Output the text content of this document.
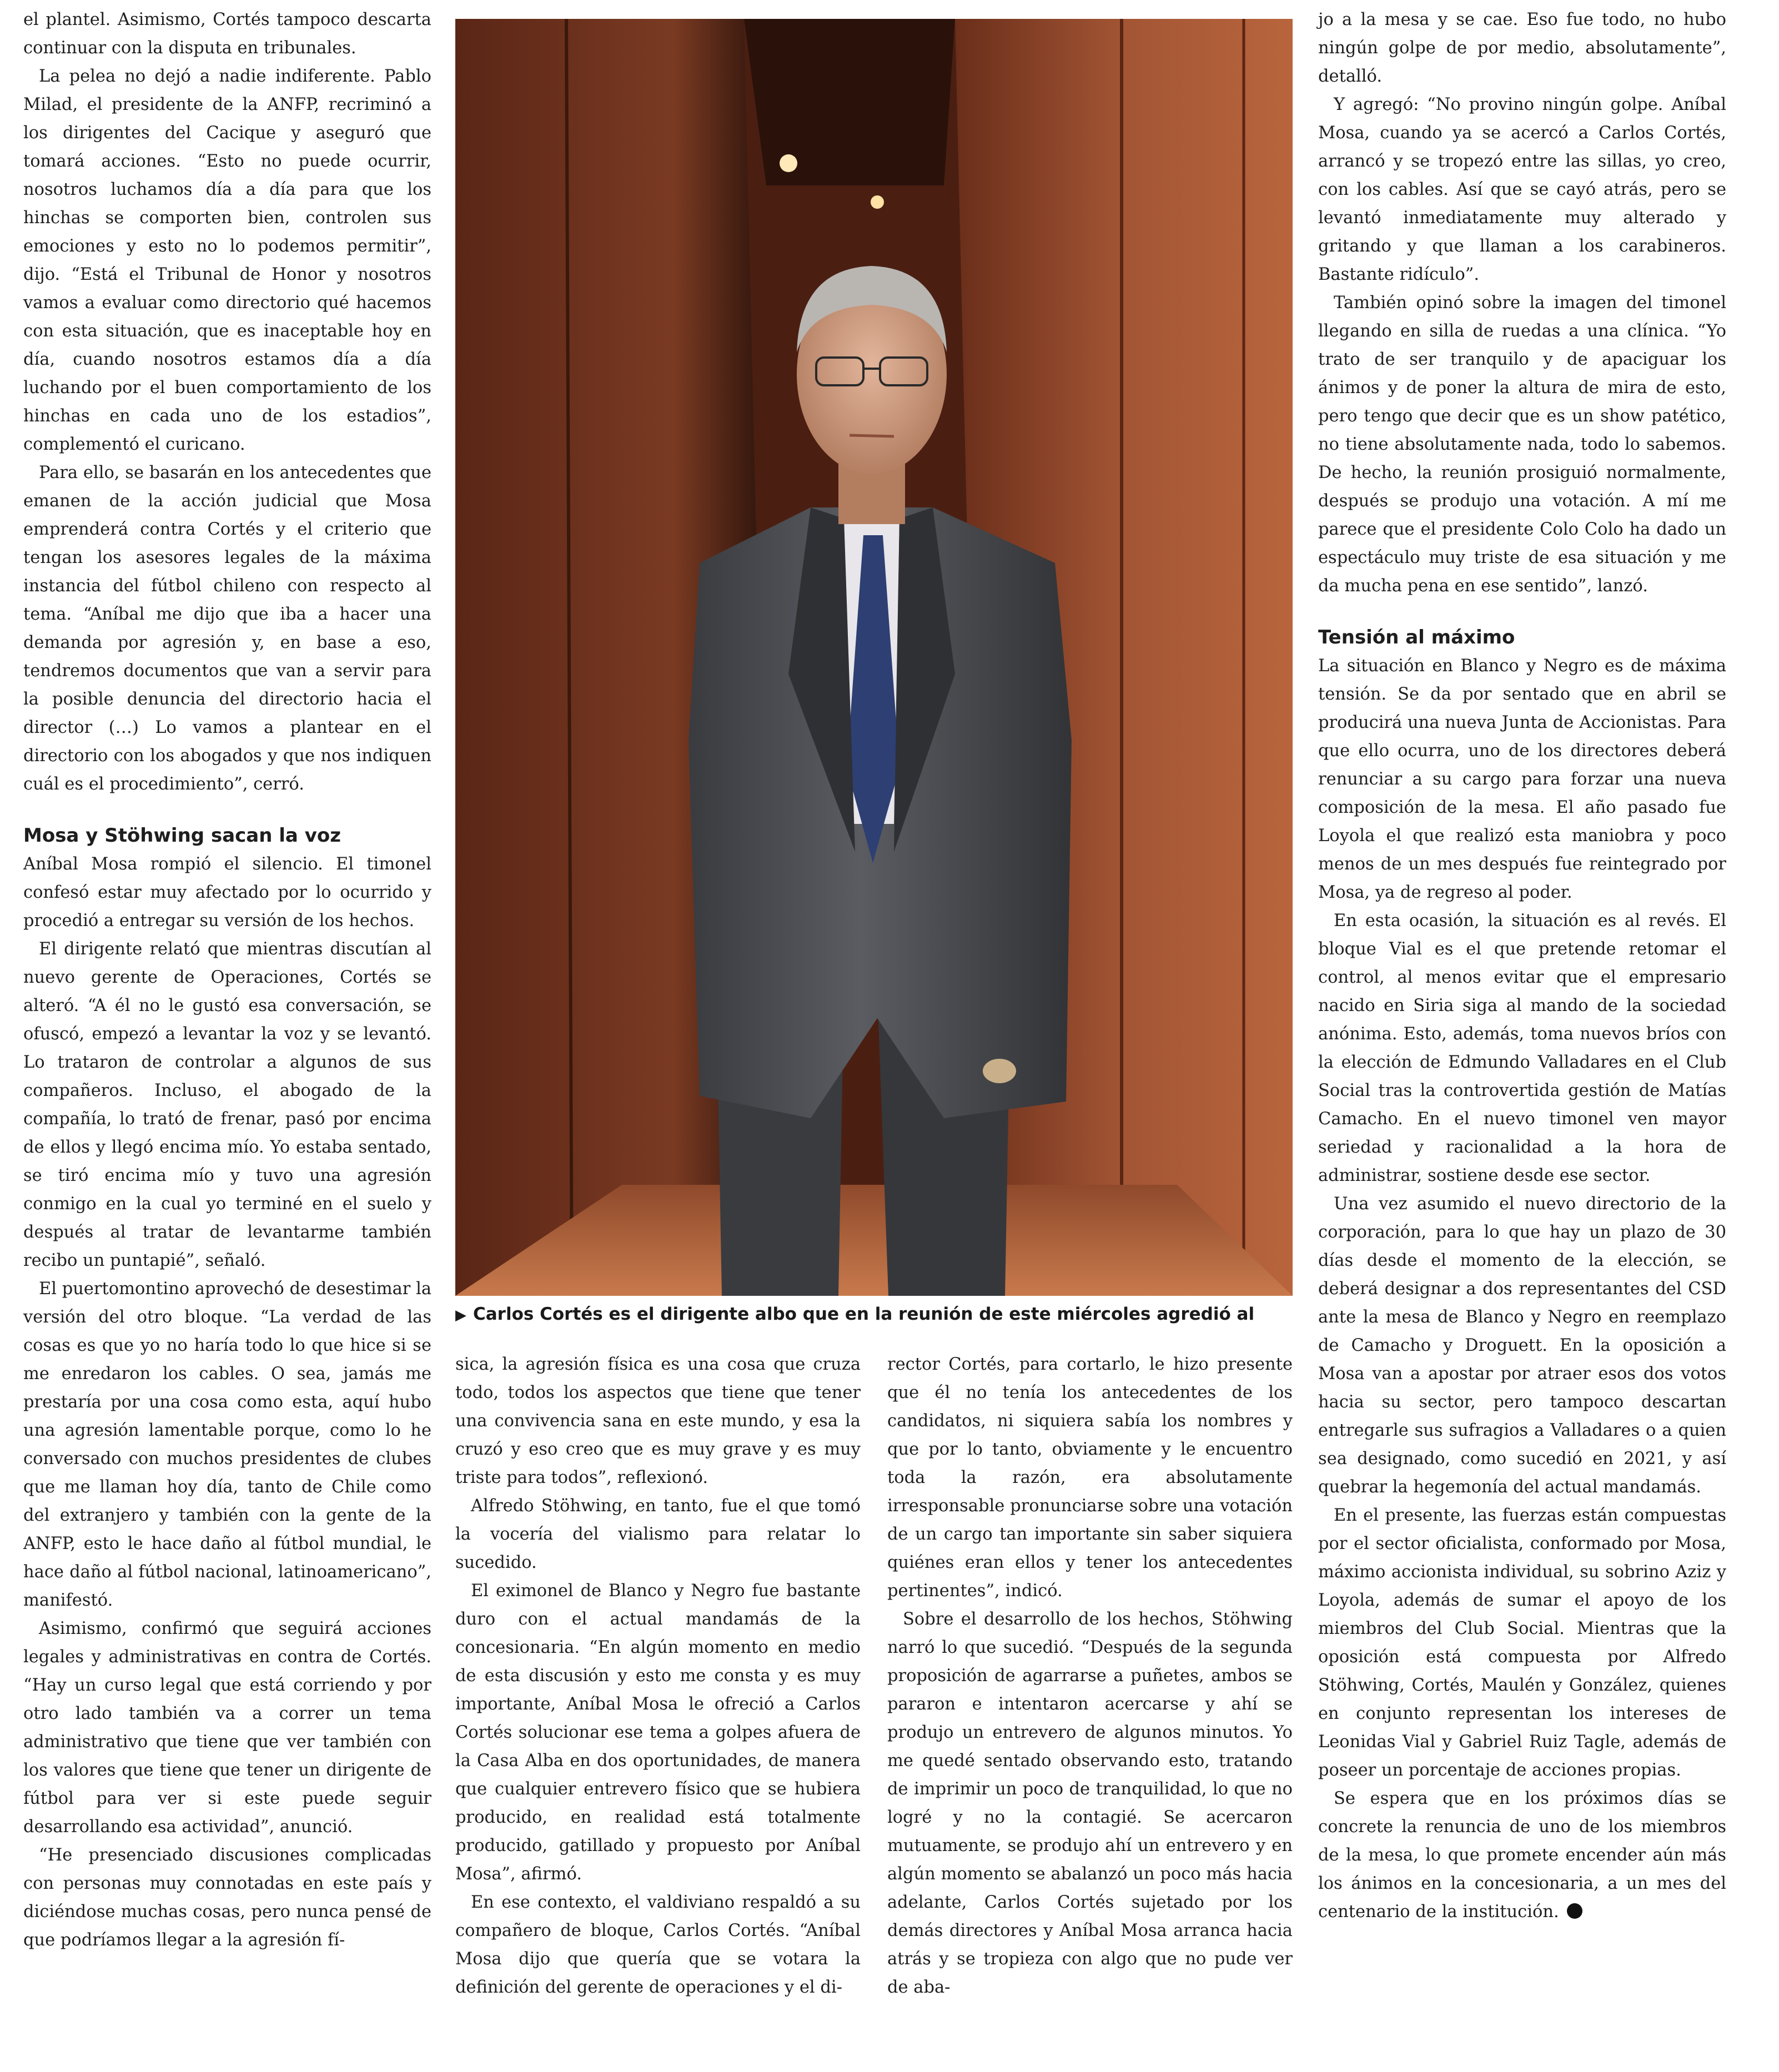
el plantel. Asimismo, Cortés tampoco descarta continuar con la disputa en tribunales.

La pelea no dejó a nadie indiferente. Pablo Milad, el presidente de la ANFP, recriminó a los dirigentes del Cacique y aseguró que tomará acciones. “Esto no puede ocurrir, nosotros luchamos día a día para que los hinchas se comporten bien, controlen sus emociones y esto no lo podemos permitir”, dijo. “Está el Tribunal de Honor y nosotros vamos a evaluar como directorio qué hacemos con esta situación, que es inaceptable hoy en día, cuando nosotros estamos día a día luchando por el buen comportamiento de los hinchas en cada uno de los estadios”, complementó el curicano.

Para ello, se basarán en los antecedentes que emanen de la acción judicial que Mosa emprenderá contra Cortés y el criterio que tengan los asesores legales de la máxima instancia del fútbol chileno con respecto al tema. “Aníbal me dijo que iba a hacer una demanda por agresión y, en base a eso, tendremos documentos que van a servir para la posible denuncia del directorio hacia el director (…) Lo vamos a plantear en el directorio con los abogados y que nos indiquen cuál es el procedimiento”, cerró.

Mosa y Stöhwing sacan la voz

Aníbal Mosa rompió el silencio. El timonel confesó estar muy afectado por lo ocurrido y procedió a entregar su versión de los hechos.

El dirigente relató que mientras discutían al nuevo gerente de Operaciones, Cortés se alteró. “A él no le gustó esa conversación, se ofuscó, empezó a levantar la voz y se levantó. Lo trataron de controlar a algunos de sus compañeros. Incluso, el abogado de la compañía, lo trató de frenar, pasó por encima de ellos y llegó encima mío. Yo estaba sentado, se tiró encima mío y tuvo una agresión conmigo en la cual yo terminé en el suelo y después al tratar de levantarme también recibo un puntapié”, señaló.

El puertomontino aprovechó de desestimar la versión del otro bloque. “La verdad de las cosas es que yo no haría todo lo que hice si se me enredaron los cables. O sea, jamás me prestaría por una cosa como esta, aquí hubo una agresión lamentable porque, como lo he conversado con muchos presidentes de clubes que me llaman hoy día, tanto de Chile como del extranjero y también con la gente de la ANFP, esto le hace daño al fútbol mundial, le hace daño al fútbol nacional, latinoamericano”, manifestó.

Asimismo, confirmó que seguirá acciones legales y administrativas en contra de Cortés. “Hay un curso legal que está corriendo y por otro lado también va a correr un tema administrativo que tiene que ver también con los valores que tiene que tener un dirigente de fútbol para ver si este puede seguir desarrollando esa actividad”, anunció.

“He presenciado discusiones complicadas con personas muy connotadas en este país y diciéndose muchas cosas, pero nunca pensé de que podríamos llegar a la agresión fí-

▶ Carlos Cortés es el dirigente albo que en la reunión de este miércoles agredió al

sica, la agresión física es una cosa que cruza todo, todos los aspectos que tiene que tener una convivencia sana en este mundo, y esa la cruzó y eso creo que es muy grave y es muy triste para todos”, reflexionó.

Alfredo Stöhwing, en tanto, fue el que tomó la vocería del vialismo para relatar lo sucedido.

El eximonel de Blanco y Negro fue bastante duro con el actual mandamás de la concesionaria. “En algún momento en medio de esta discusión y esto me consta y es muy importante, Aníbal Mosa le ofreció a Carlos Cortés solucionar ese tema a golpes afuera de la Casa Alba en dos oportunidades, de manera que cualquier entrevero físico que se hubiera producido, en realidad está totalmente producido, gatillado y propuesto por Aníbal Mosa”, afirmó.

En ese contexto, el valdiviano respaldó a su compañero de bloque, Carlos Cortés. “Aníbal Mosa dijo que quería que se votara la definición del gerente de operaciones y el di-

rector Cortés, para cortarlo, le hizo presente que él no tenía los antecedentes de los candidatos, ni siquiera sabía los nombres y que por lo tanto, obviamente y le encuentro toda la razón, era absolutamente irresponsable pronunciarse sobre una votación de un cargo tan importante sin saber siquiera quiénes eran ellos y tener los antecedentes pertinentes”, indicó.

Sobre el desarrollo de los hechos, Stöhwing narró lo que sucedió. “Después de la segunda proposición de agarrarse a puñetes, ambos se pararon e intentaron acercarse y ahí se produjo un entrevero de algunos minutos. Yo me quedé sentado observando esto, tratando de imprimir un poco de tranquilidad, lo que no logré y no la contagié. Se acercaron mutuamente, se produjo ahí un entrevero y en algún momento se abalanzó un poco más hacia adelante, Carlos Cortés sujetado por los demás directores y Aníbal Mosa arranca hacia atrás y se tropieza con algo que no pude ver de aba-

jo a la mesa y se cae. Eso fue todo, no hubo ningún golpe de por medio, absolutamente”, detalló.

Y agregó: “No provino ningún golpe. Aníbal Mosa, cuando ya se acercó a Carlos Cortés, arrancó y se tropezó entre las sillas, yo creo, con los cables. Así que se cayó atrás, pero se levantó inmediatamente muy alterado y gritando y que llaman a los carabineros. Bastante ridículo”.

También opinó sobre la imagen del timonel llegando en silla de ruedas a una clínica. “Yo trato de ser tranquilo y de apaciguar los ánimos y de poner la altura de mira de esto, pero tengo que decir que es un show patético, no tiene absolutamente nada, todo lo sabemos. De hecho, la reunión prosiguió normalmente, después se produjo una votación. A mí me parece que el presidente Colo Colo ha dado un espectáculo muy triste de esa situación y me da mucha pena en ese sentido”, lanzó.

Tensión al máximo

La situación en Blanco y Negro es de máxima tensión. Se da por sentado que en abril se producirá una nueva Junta de Accionistas. Para que ello ocurra, uno de los directores deberá renunciar a su cargo para forzar una nueva composición de la mesa. El año pasado fue Loyola el que realizó esta maniobra y poco menos de un mes después fue reintegrado por Mosa, ya de regreso al poder.

En esta ocasión, la situación es al revés. El bloque Vial es el que pretende retomar el control, al menos evitar que el empresario nacido en Siria siga al mando de la sociedad anónima. Esto, además, toma nuevos bríos con la elección de Edmundo Valladares en el Club Social tras la controvertida gestión de Matías Camacho. En el nuevo timonel ven mayor seriedad y racionalidad a la hora de administrar, sostiene desde ese sector.

Una vez asumido el nuevo directorio de la corporación, para lo que hay un plazo de 30 días desde el momento de la elección, se deberá designar a dos representantes del CSD ante la mesa de Blanco y Negro en reemplazo de Camacho y Droguett. En la oposición a Mosa van a apostar por atraer esos dos votos hacia su sector, pero tampoco descartan entregarle sus sufragios a Valladares o a quien sea designado, como sucedió en 2021, y así quebrar la hegemonía del actual mandamás.

En el presente, las fuerzas están compuestas por el sector oficialista, conformado por Mosa, máximo accionista individual, su sobrino Aziz y Loyola, además de sumar el apoyo de los miembros del Club Social. Mientras que la oposición está compuesta por Alfredo Stöhwing, Cortés, Maulén y González, quienes en conjunto representan los intereses de Leonidas Vial y Gabriel Ruiz Tagle, además de poseer un porcentaje de acciones propias.

Se espera que en los próximos días se concrete la renuncia de uno de los miembros de la mesa, lo que promete encender aún más los ánimos en la concesionaria, a un mes del centenario de la institución.
